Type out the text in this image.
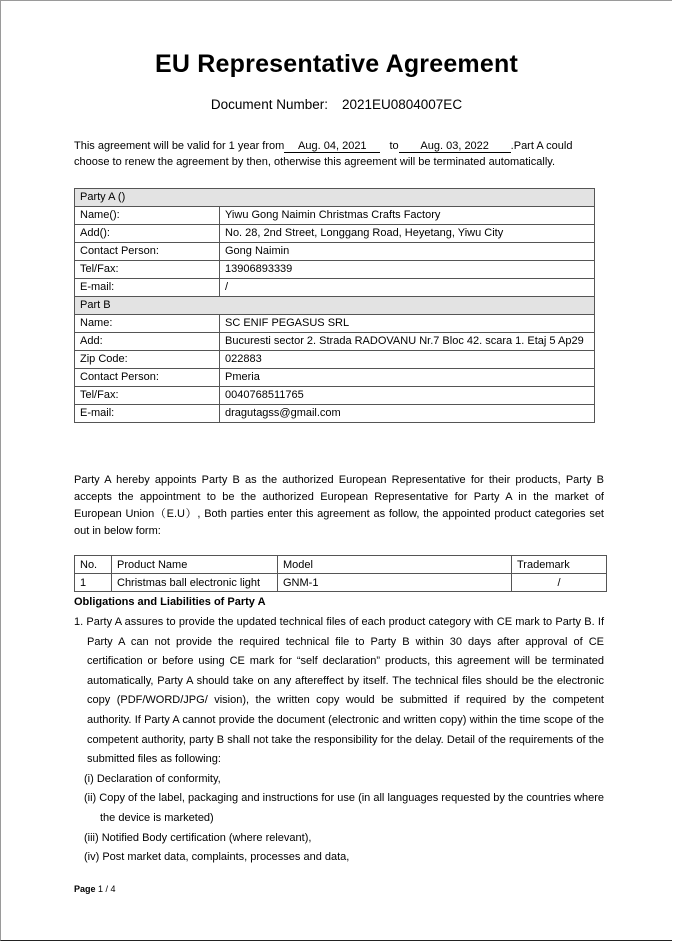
EU Representative Agreement
Document Number: 2021EU0804007EC
This agreement will be valid for 1 year from Aug. 04, 2021 to Aug. 03, 2022 .Part A could choose to renew the agreement by then, otherwise this agreement will be terminated automatically.
Party A ()	
Name():	Yiwu Gong Naimin Christmas Crafts Factory
Add():	No. 28, 2nd Street, Longgang Road, Heyetang, Yiwu City
Contact Person:	Gong Naimin
Tel/Fax:	13906893339
E-mail:	/
Part B	
Name:	SC ENIF PEGASUS SRL
Add:	Bucuresti sector 2. Strada RADOVANU Nr.7 Bloc 42. scara 1. Etaj 5 Ap29
Zip Code:	022883
Contact Person:	Pmeria
Tel/Fax:	0040768511765
E-mail:	dragutagss@gmail.com
Party A hereby appoints Party B as the authorized European Representative for their products, Party B accepts the appointment to be the authorized European Representative for Party A in the market of European Union（E.U）, Both parties enter this agreement as follow, the appointed product categories set out in below form:
No.	Product Name	Model	Trademark
1	Christmas ball electronic light	GNM-1	/
Obligations and Liabilities of Party A
1. Party A assures to provide the updated technical files of each product category with CE mark to Party B. If Party A can not provide the required technical file to Party B within 30 days after approval of CE certification or before using CE mark for “self declaration” products, this agreement will be terminated automatically, Party A should take on any aftereffect by itself. The technical files should be the electronic copy (PDF/WORD/JPG/ vision), the written copy would be submitted if required by the competent authority. If Party A cannot provide the document (electronic and written copy) within the time scope of the competent authority, party B shall not take the responsibility for the delay. Detail of the requirements of the submitted files as following:
(i) Declaration of conformity,
(ii) Copy of the label, packaging and instructions for use (in all languages requested by the countries where the device is marketed)
(iii) Notified Body certification (where relevant),
(iv) Post market data, complaints, processes and data,
Page 1 / 4
